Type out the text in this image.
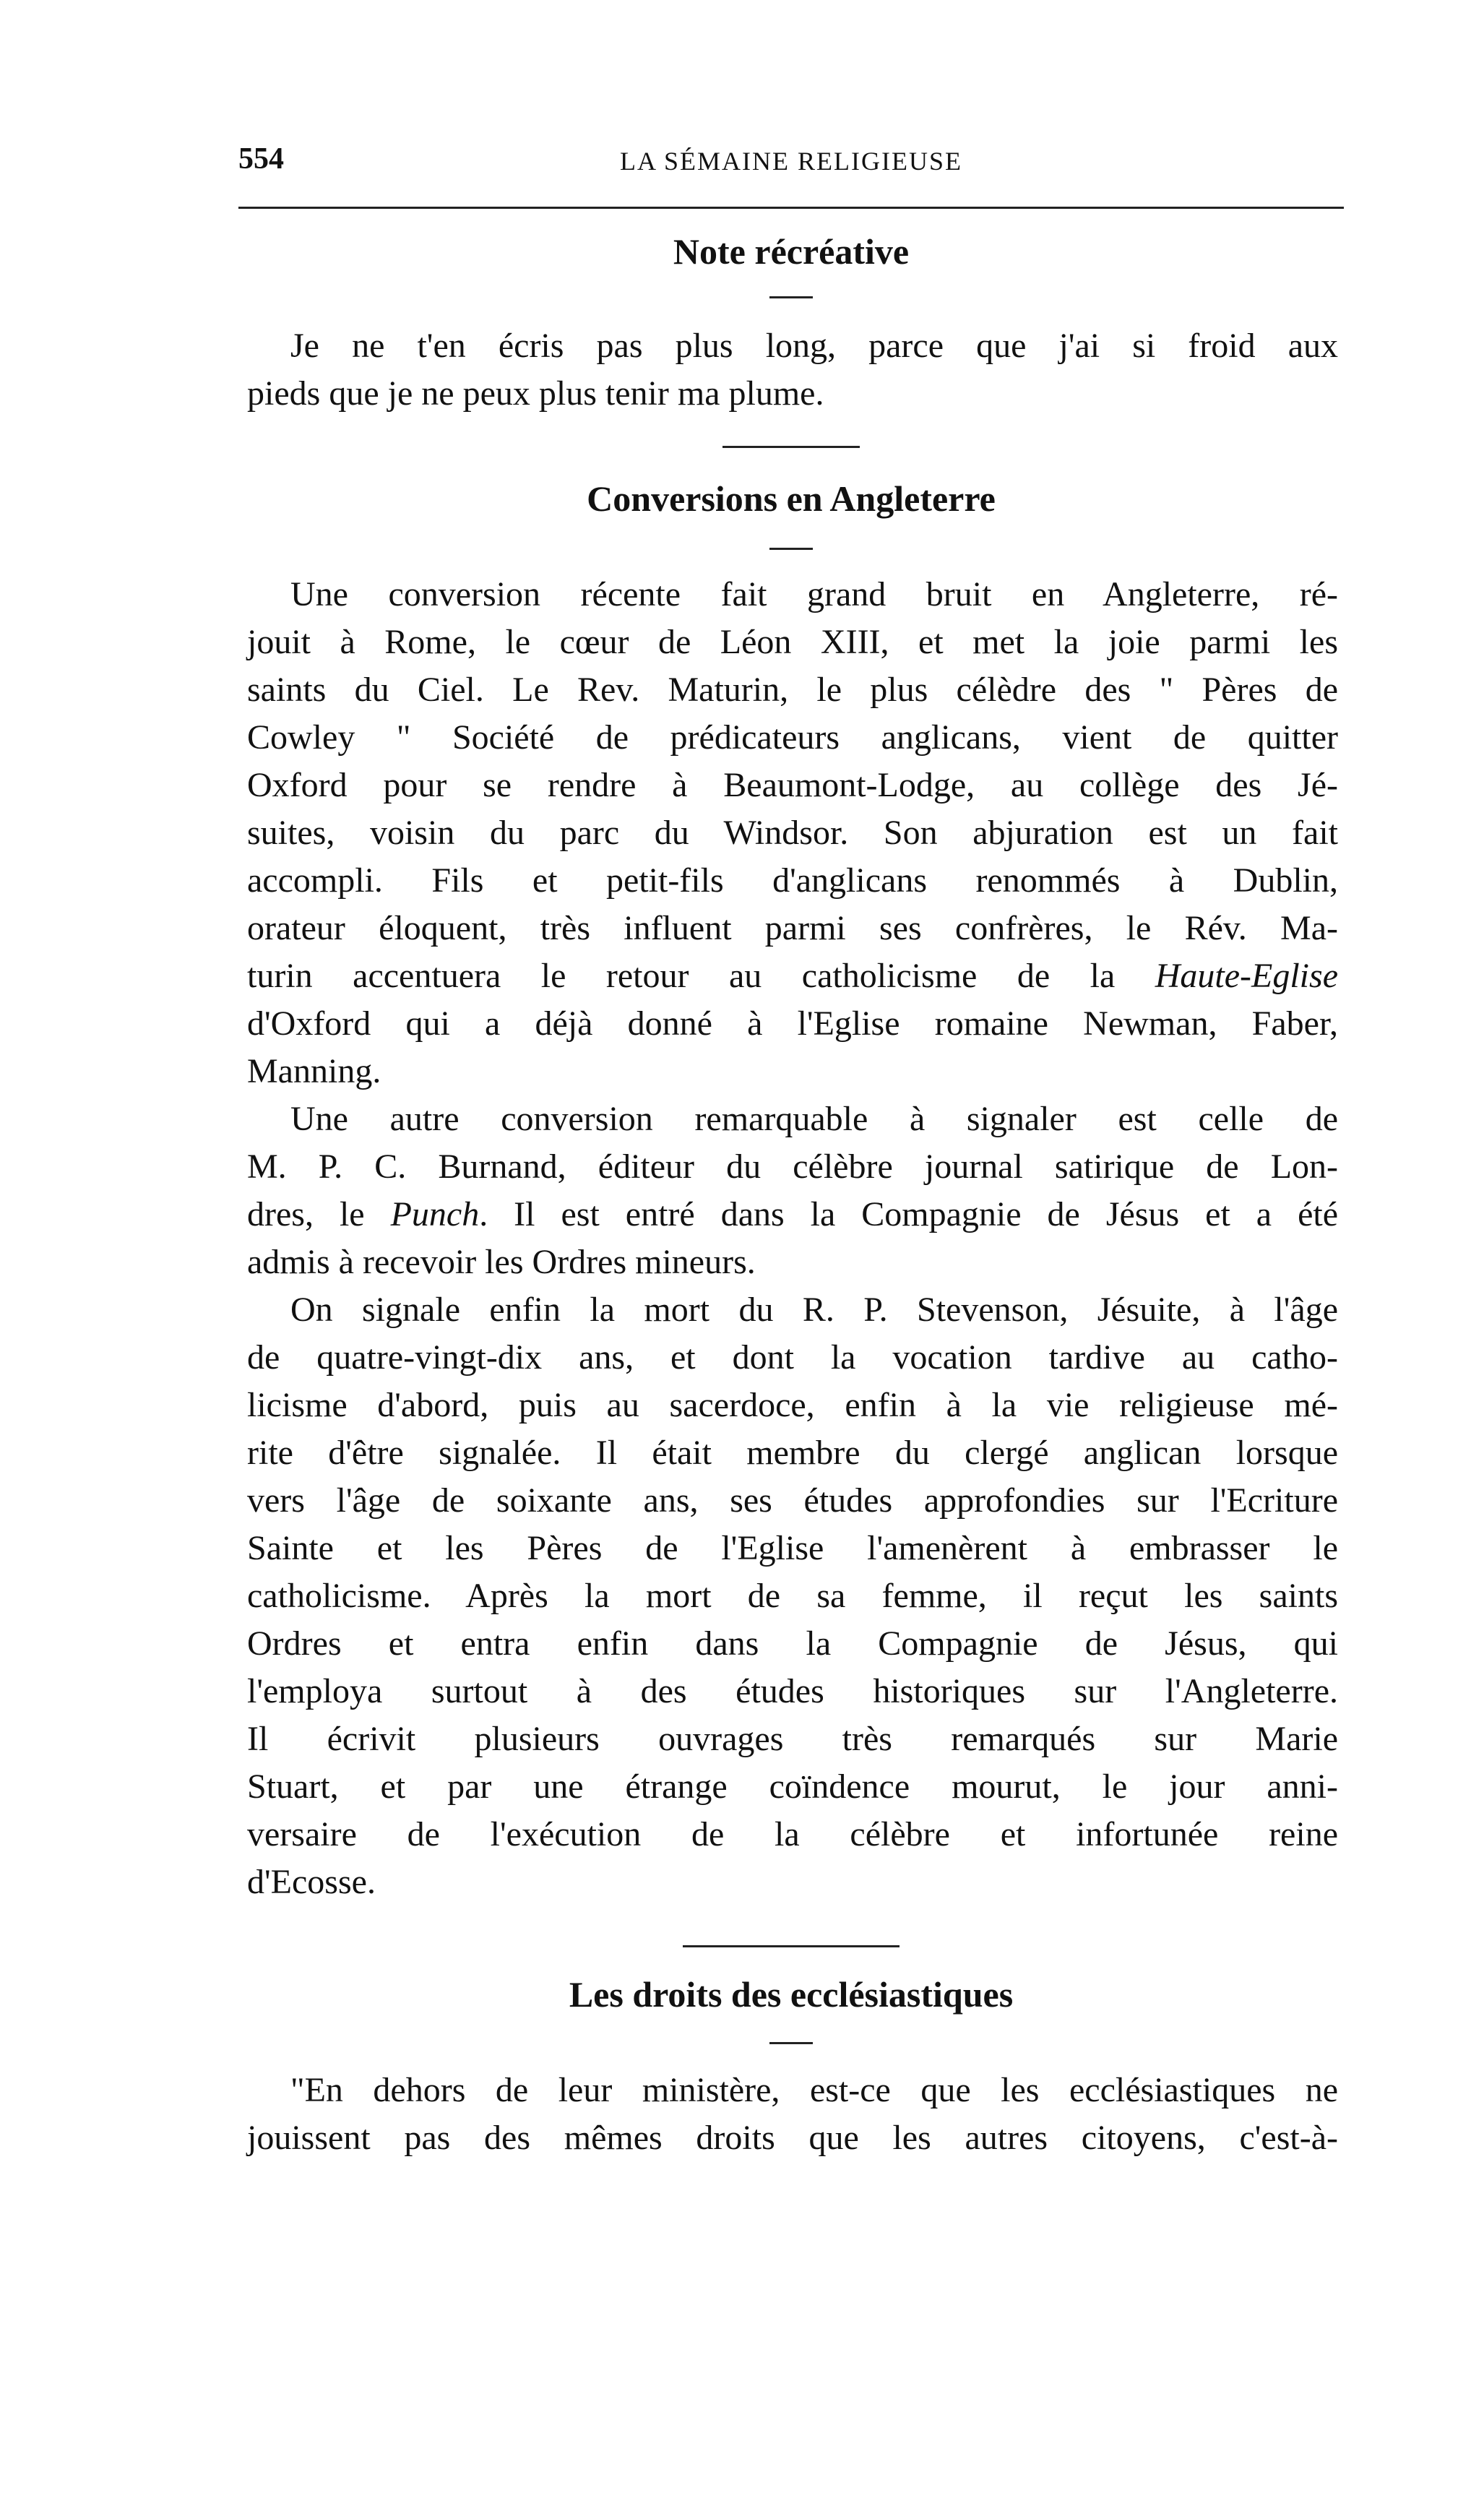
554	LA SÉMAINE RELIGIEUSE
Note récréative
Je ne t'en écris pas plus long, parce que j'ai si froid aux
pieds que je ne peux plus tenir ma plume.
Conversions en Angleterre
Une conversion récente fait grand bruit en Angleterre, ré-
jouit à Rome, le cœur de Léon XIII, et met la joie parmi les
saints du Ciel. Le Rev. Maturin, le plus célèdre des " Pères de
Cowley " Société de prédicateurs anglicans, vient de quitter
Oxford pour se rendre à Beaumont-Lodge, au collège des Jé-
suites, voisin du parc du Windsor. Son abjuration est un fait
accompli. Fils et petit-fils d'anglicans renommés à Dublin,
orateur éloquent, très influent parmi ses confrères, le Rév. Ma-
turin accentuera le retour au catholicisme de la Haute-Eglise
d'Oxford qui a déjà donné à l'Eglise romaine Newman, Faber,
Manning.
Une autre conversion remarquable à signaler est celle de
M. P. C. Burnand, éditeur du célèbre journal satirique de Lon-
dres, le Punch. Il est entré dans la Compagnie de Jésus et a été
admis à recevoir les Ordres mineurs.
On signale enfin la mort du R. P. Stevenson, Jésuite, à l'âge
de quatre-vingt-dix ans, et dont la vocation tardive au catho-
licisme d'abord, puis au sacerdoce, enfin à la vie religieuse mé-
rite d'être signalée. Il était membre du clergé anglican lorsque
vers l'âge de soixante ans, ses études approfondies sur l'Ecriture
Sainte et les Pères de l'Eglise l'amenèrent à embrasser le
catholicisme. Après la mort de sa femme, il reçut les saints
Ordres et entra enfin dans la Compagnie de Jésus, qui
l'employa surtout à des études historiques sur l'Angleterre.
Il écrivit plusieurs ouvrages très remarqués sur Marie
Stuart, et par une étrange coïndence mourut, le jour anni-
versaire de l'exécution de la célèbre et infortunée reine
d'Ecosse.
Les droits des ecclésiastiques
"En dehors de leur ministère, est-ce que les ecclésiastiques ne
jouissent pas des mêmes droits que les autres citoyens, c'est-à-
